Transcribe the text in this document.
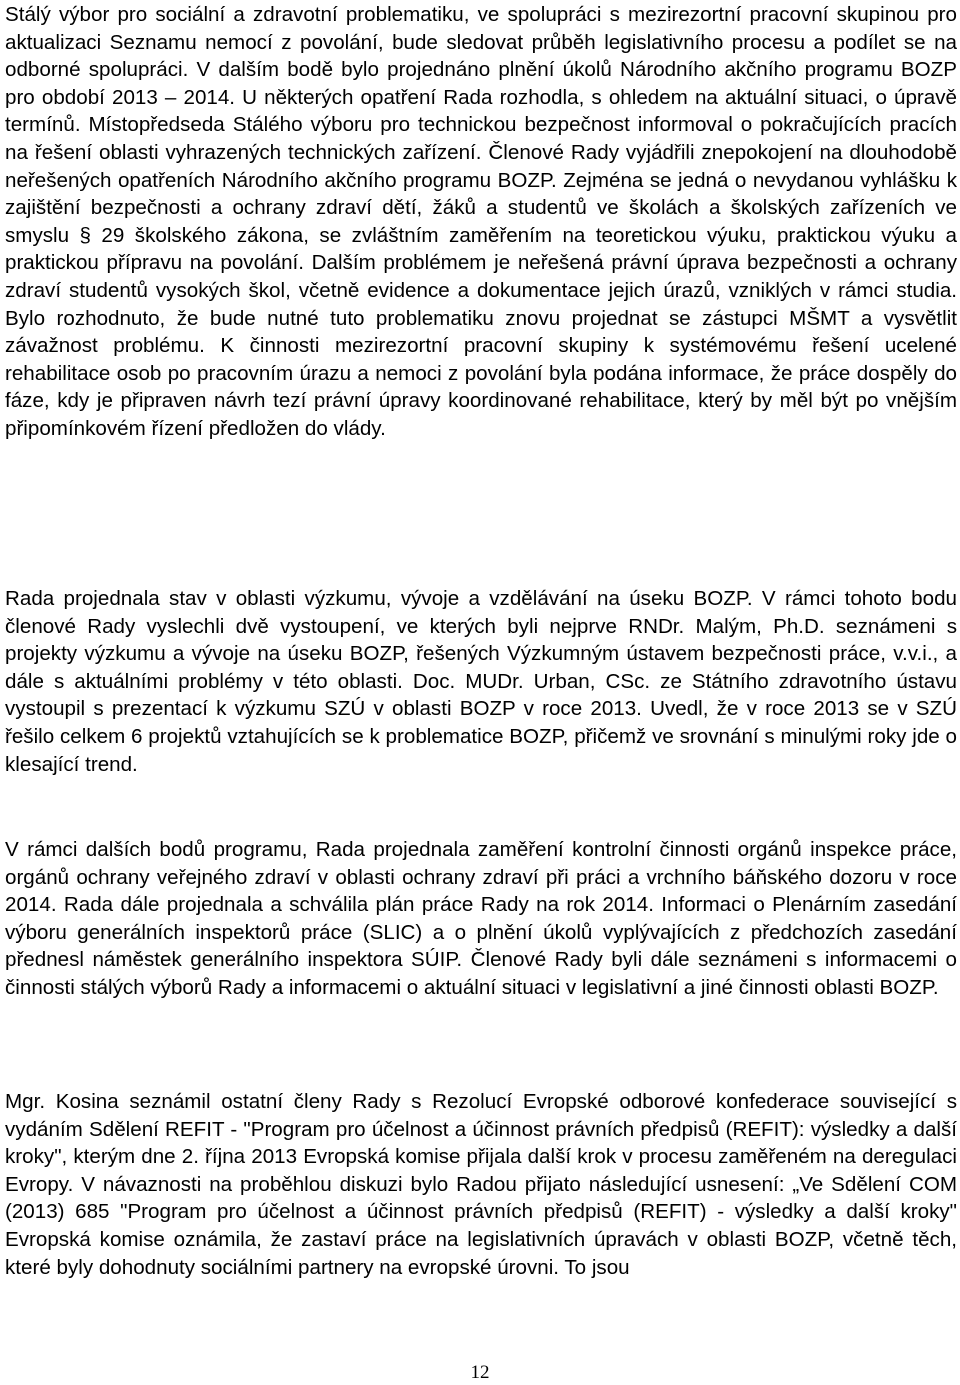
Stálý výbor pro sociální a zdravotní problematiku, ve spolupráci s mezirezortní pracovní skupinou pro aktualizaci Seznamu nemocí z povolání, bude sledovat průběh legislativního procesu a podílet se na odborné spolupráci. V dalším bodě bylo projednáno plnění úkolů Národního akčního programu BOZP pro období 2013 – 2014. U některých opatření Rada rozhodla, s ohledem na aktuální situaci, o úpravě termínů. Místopředseda Stálého výboru pro technickou bezpečnost informoval o pokračujících pracích na řešení oblasti vyhrazených technických zařízení. Členové Rady vyjádřili znepokojení na dlouhodobě neřešených opatřeních Národního akčního programu BOZP. Zejména se jedná o nevydanou vyhlášku k zajištění bezpečnosti a ochrany zdraví dětí, žáků a studentů ve školách a školských zařízeních ve smyslu § 29 školského zákona, se zvláštním zaměřením na teoretickou výuku, praktickou výuku a praktickou přípravu na povolání. Dalším problémem je neřešená právní úprava bezpečnosti a ochrany zdraví studentů vysokých škol, včetně evidence a dokumentace jejich úrazů, vzniklých v rámci studia. Bylo rozhodnuto, že bude nutné tuto problematiku znovu projednat se zástupci MŠMT a vysvětlit závažnost problému. K činnosti mezirezortní pracovní skupiny k systémovému řešení ucelené rehabilitace osob po pracovním úrazu a nemoci z povolání byla podána informace, že práce dospěly do fáze, kdy je připraven návrh tezí právní úpravy koordinované rehabilitace, který by měl být po vnějším připomínkovém řízení předložen do vlády.

Rada projednala stav v oblasti výzkumu, vývoje a vzdělávání na úseku BOZP. V rámci tohoto bodu členové Rady vyslechli dvě vystoupení, ve kterých byli nejprve RNDr. Malým, Ph.D. seznámeni s projekty výzkumu a vývoje na úseku BOZP, řešených Výzkumným ústavem bezpečnosti práce, v.v.i., a dále s aktuálními problémy v této oblasti. Doc. MUDr. Urban, CSc. ze Státního zdravotního ústavu vystoupil s prezentací k výzkumu SZÚ v oblasti BOZP v roce 2013. Uvedl, že v roce 2013 se v SZÚ řešilo celkem 6 projektů vztahujících se k problematice BOZP, přičemž ve srovnání s minulými roky jde o klesající trend.

V rámci dalších bodů programu, Rada projednala zaměření kontrolní činnosti orgánů inspekce práce, orgánů ochrany veřejného zdraví v oblasti ochrany zdraví při práci a vrchního báňského dozoru v roce 2014. Rada dále projednala a schválila plán práce Rady na rok 2014. Informaci o Plenárním zasedání výboru generálních inspektorů práce (SLIC) a o plnění úkolů vyplývajících z předchozích zasedání přednesl náměstek generálního inspektora SÚIP. Členové Rady byli dále seznámeni s informacemi o činnosti stálých výborů Rady a informacemi o aktuální situaci v legislativní a jiné činnosti oblasti BOZP.

Mgr. Kosina seznámil ostatní členy Rady s Rezolucí Evropské odborové konfederace související s vydáním Sdělení REFIT - "Program pro účelnost a účinnost právních předpisů (REFIT): výsledky a další kroky", kterým dne 2. října 2013 Evropská komise přijala další krok v procesu zaměřeném na deregulaci Evropy. V návaznosti na proběhlou diskuzi bylo Radou přijato následující usnesení: „Ve Sdělení COM (2013) 685 "Program pro účelnost a účinnost právních předpisů (REFIT) - výsledky a další kroky" Evropská komise oznámila, že zastaví práce na legislativních úpravách v oblasti BOZP, včetně těch, které byly dohodnuty sociálními partnery na evropské úrovni. To jsou

12
